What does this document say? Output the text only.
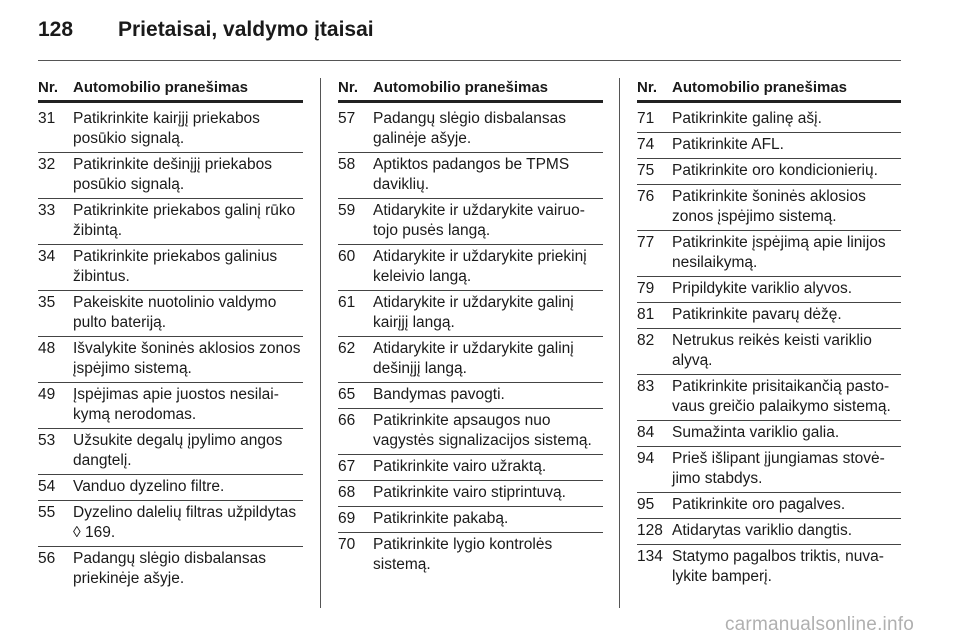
128 Prietaisai, valdymo įtaisai
Nr. Automobilio pranešimas
31	Patikrinkite kairįjį priekabos posūkio signalą.
32	Patikrinkite dešinįjį priekabos posūkio signalą.
33	Patikrinkite priekabos galinį rūko žibintą.
34	Patikrinkite priekabos galinius žibintus.
35	Pakeiskite nuotolinio valdymo pulto bateriją.
48	Išvalykite šoninės aklosios zonos įspėjimo sistemą.
49	Įspėjimas apie juostos nesilaikymą nerodomas.
53	Užsukite degalų įpylimo angos dangtelį.
54	Vanduo dyzelino filtre.
55	Dyzelino dalelių filtras užpildytas ◊ 169.
56	Padangų slėgio disbalansas priekinėje ašyje.
Nr. Automobilio pranešimas
57	Padangų slėgio disbalansas galinėje ašyje.
58	Aptiktos padangos be TPMS daviklių.
59	Atidarykite ir uždarykite vairuotojo pusės langą.
60	Atidarykite ir uždarykite priekinį keleivio langą.
61	Atidarykite ir uždarykite galinį kairįjį langą.
62	Atidarykite ir uždarykite galinį dešinįjį langą.
65	Bandymas pavogti.
66	Patikrinkite apsaugos nuo vagystės signalizacijos sistemą.
67	Patikrinkite vairo užraktą.
68	Patikrinkite vairo stiprintuvą.
69	Patikrinkite pakabą.
70	Patikrinkite lygio kontrolės sistemą.
Nr. Automobilio pranešimas
71	Patikrinkite galinę ašį.
74	Patikrinkite AFL.
75	Patikrinkite oro kondicionierių.
76	Patikrinkite šoninės aklosios zonos įspėjimo sistemą.
77	Patikrinkite įspėjimą apie linijos nesilaikymą.
79	Pripildykite variklio alyvos.
81	Patikrinkite pavarų dėžę.
82	Netrukus reikės keisti variklio alyvą.
83	Patikrinkite prisitaikančią pastovaus greičio palaikymo sistemą.
84	Sumažinta variklio galia.
94	Prieš išlipant įjungiamas stovėjimo stabdys.
95	Patikrinkite oro pagalves.
128 Atidarytas variklio dangtis.
134 Statymo pagalbos triktis, nuvalykite bamperį.
carmanualsonline.info
